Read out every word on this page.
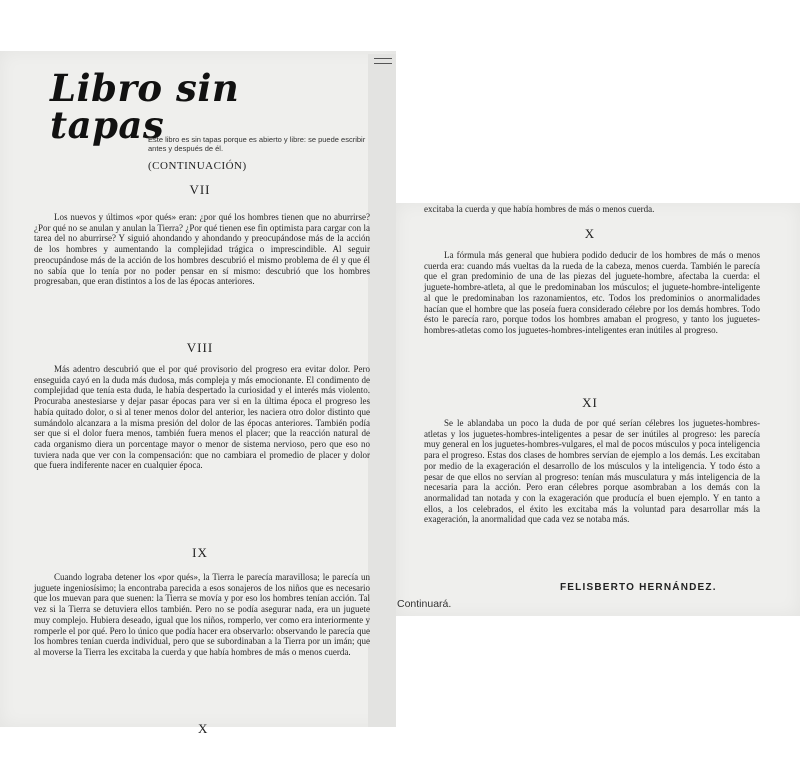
Libro sin tapas

Este libro es sin tapas porque es abierto y libre: se puede escribir antes y después de él.

(CONTINUACIÓN)

VII

Los nuevos y últimos «por qués» eran: ¿por qué los hombres tienen que no aburrirse? ¿Por qué no se anulan y anulan la Tierra? ¿Por qué tienen ese fin optimista para cargar con la tarea del no aburrirse? Y siguió ahondando y ahondando y preocupándose más de la acción de los hombres y aumentando la complejidad trágica o imprescindible. Al seguir preocupándose más de la acción de los hombres descubrió el mismo problema de él y que él no sabía que lo tenía por no poder pensar en sí mismo: descubrió que los hombres progresaban, que eran distintos a los de las épocas anteriores.

VIII

Más adentro descubrió que el por qué provisorio del progreso era evitar dolor. Pero enseguida cayó en la duda más dudosa, más compleja y más emocionante. El condimento de complejidad que tenía esta duda, le había despertado la curiosidad y el interés más violento. Procuraba anestesiarse y dejar pasar épocas para ver si en la última época el progreso les había quitado dolor, o si al tener menos dolor del anterior, les naciera otro dolor distinto que sumándolo alcanzara a la misma presión del dolor de las épocas anteriores. También podía ser que si el dolor fuera menos, también fuera menos el placer; que la reacción natural de cada organismo diera un porcentage mayor o menor de sistema nervioso, pero que eso no tuviera nada que ver con la compensación: que no cambiara el promedio de placer y dolor que fuera indiferente nacer en cualquier época.

IX

Cuando lograba detener los «por qués», la Tierra le parecía maravillosa; le parecía un juguete ingeniosísimo; la encontraba parecida a esos sonajeros de los niños que es necesario que los muevan para que suenen: la Tierra se movía y por eso los hombres tenían acción. Tal vez si la Tierra se detuviera ellos también. Pero no se podía asegurar nada, era un juguete muy complejo. Hubiera deseado, igual que los niños, romperlo, ver como era interiormente y romperle el por qué. Pero lo único que podía hacer era observarlo: observando le parecía que los hombres tenían cuerda individual, pero que se subordinaban a la Tierra por un imán; que al moverse la Tierra les excitaba la cuerda y que había hombres de más o menos cuerda.

X

excitaba la cuerda y que había hombres de más o menos cuerda.

X

La fórmula más general que hubiera podido deducir de los hombres de más o menos cuerda era: cuando más vueltas da la rueda de la cabeza, menos cuerda. También le parecía que el gran predominio de una de las piezas del juguete-hombre, afectaba la cuerda: el juguete-hombre-atleta, al que le predominaban los músculos; el juguete-hombre-inteligente al que le predominaban los razonamientos, etc. Todos los predominios o anormalidades hacían que el hombre que las poseía fuera considerado célebre por los demás hombres. Todo ésto le parecía raro, porque todos los hombres amaban el progreso, y tanto los juguetes-hombres-atletas como los juguetes-hombres-inteligentes eran inútiles al progreso.

XI

Se le ablandaba un poco la duda de por qué serían célebres los juguetes-hombres-atletas y los juguetes-hombres-inteligentes a pesar de ser inútiles al progreso: les parecía muy general en los juguetes-hombres-vulgares, el mal de pocos músculos y poca inteligencia para el progreso. Estas dos clases de hombres servían de ejemplo a los demás. Les excitaban por medio de la exageración el desarrollo de los músculos y la inteligencia. Y todo ésto a pesar de que ellos no servían al progreso: tenían más musculatura y más inteligencia de la necesaria para la acción. Pero eran célebres porque asombraban a los demás con la anormalidad tan notada y con la exageración que producía el buen ejemplo. Y en tanto a ellos, a los celebrados, el éxito les excitaba más la voluntad para desarrollar más la exageración, la anormalidad que cada vez se notaba más.

FELISBERTO HERNÁNDEZ.

Continuará.
